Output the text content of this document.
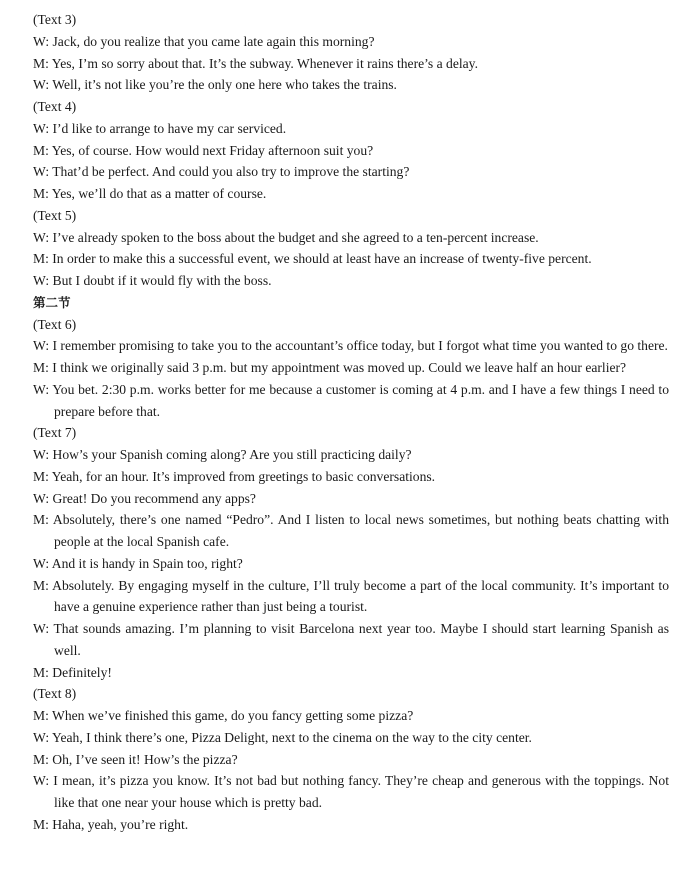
(Text 3)
W: Jack, do you realize that you came late again this morning?
M: Yes, I’m so sorry about that. It’s the subway. Whenever it rains there’s a delay.
W: Well, it’s not like you’re the only one here who takes the trains.
(Text 4)
W: I’d like to arrange to have my car serviced.
M: Yes, of course. How would next Friday afternoon suit you?
W: That’d be perfect. And could you also try to improve the starting?
M: Yes, we’ll do that as a matter of course.
(Text 5)
W: I’ve already spoken to the boss about the budget and she agreed to a ten-percent increase.
M: In order to make this a successful event, we should at least have an increase of twenty-five percent.
W: But I doubt if it would fly with the boss.
第二节
(Text 6)
W: I remember promising to take you to the accountant’s office today, but I forgot what time you wanted to go there.
M: I think we originally said 3 p.m. but my appointment was moved up. Could we leave half an hour earlier?
W: You bet. 2:30 p.m. works better for me because a customer is coming at 4 p.m. and I have a few things I need to prepare before that.
(Text 7)
W: How’s your Spanish coming along? Are you still practicing daily?
M: Yeah, for an hour. It’s improved from greetings to basic conversations.
W: Great! Do you recommend any apps?
M: Absolutely, there’s one named “Pedro”. And I listen to local news sometimes, but nothing beats chatting with people at the local Spanish cafe.
W: And it is handy in Spain too, right?
M: Absolutely. By engaging myself in the culture, I’ll truly become a part of the local community. It’s important to have a genuine experience rather than just being a tourist.
W: That sounds amazing. I’m planning to visit Barcelona next year too. Maybe I should start learning Spanish as well.
M: Definitely!
(Text 8)
M: When we’ve finished this game, do you fancy getting some pizza?
W: Yeah, I think there’s one, Pizza Delight, next to the cinema on the way to the city center.
M: Oh, I’ve seen it! How’s the pizza?
W: I mean, it’s pizza you know. It’s not bad but nothing fancy. They’re cheap and generous with the toppings. Not like that one near your house which is pretty bad.
M: Haha, yeah, you’re right.
